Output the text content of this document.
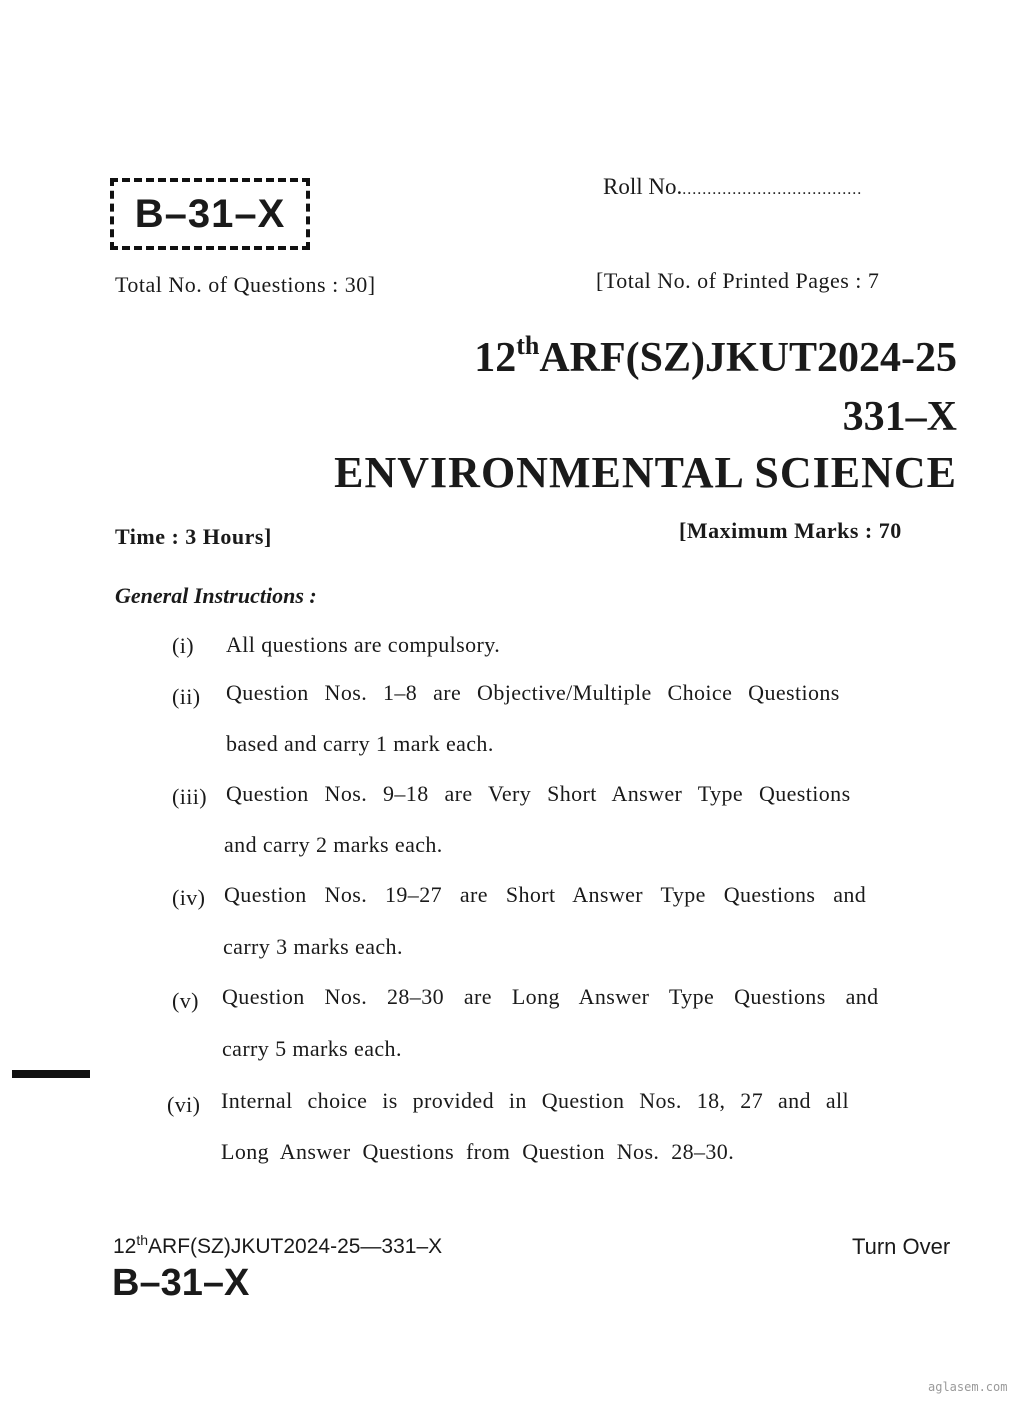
B–31–X
Roll No.....................................
Total No. of Questions : 30]	[Total No. of Printed Pages : 7
12thARF(SZ)JKUT2024-25
331–X
ENVIRONMENTAL SCIENCE
Time : 3 Hours]	[Maximum Marks : 70
General Instructions :
(i) All questions are compulsory.
(ii) Question Nos. 1–8 are Objective/Multiple Choice Questions
based and carry 1 mark each.
(iii) Question Nos. 9–18 are Very Short Answer Type Questions
and carry 2 marks each.
(iv) Question Nos. 19–27 are Short Answer Type Questions and
carry 3 marks each.
(v) Question Nos. 28–30 are Long Answer Type Questions and
carry 5 marks each.
(vi) Internal choice is provided in Question Nos. 18, 27 and all
Long Answer Questions from Question Nos. 28–30.
12thARF(SZ)JKUT2024-25—331–X
B–31–X
Turn Over
aglasem.com
